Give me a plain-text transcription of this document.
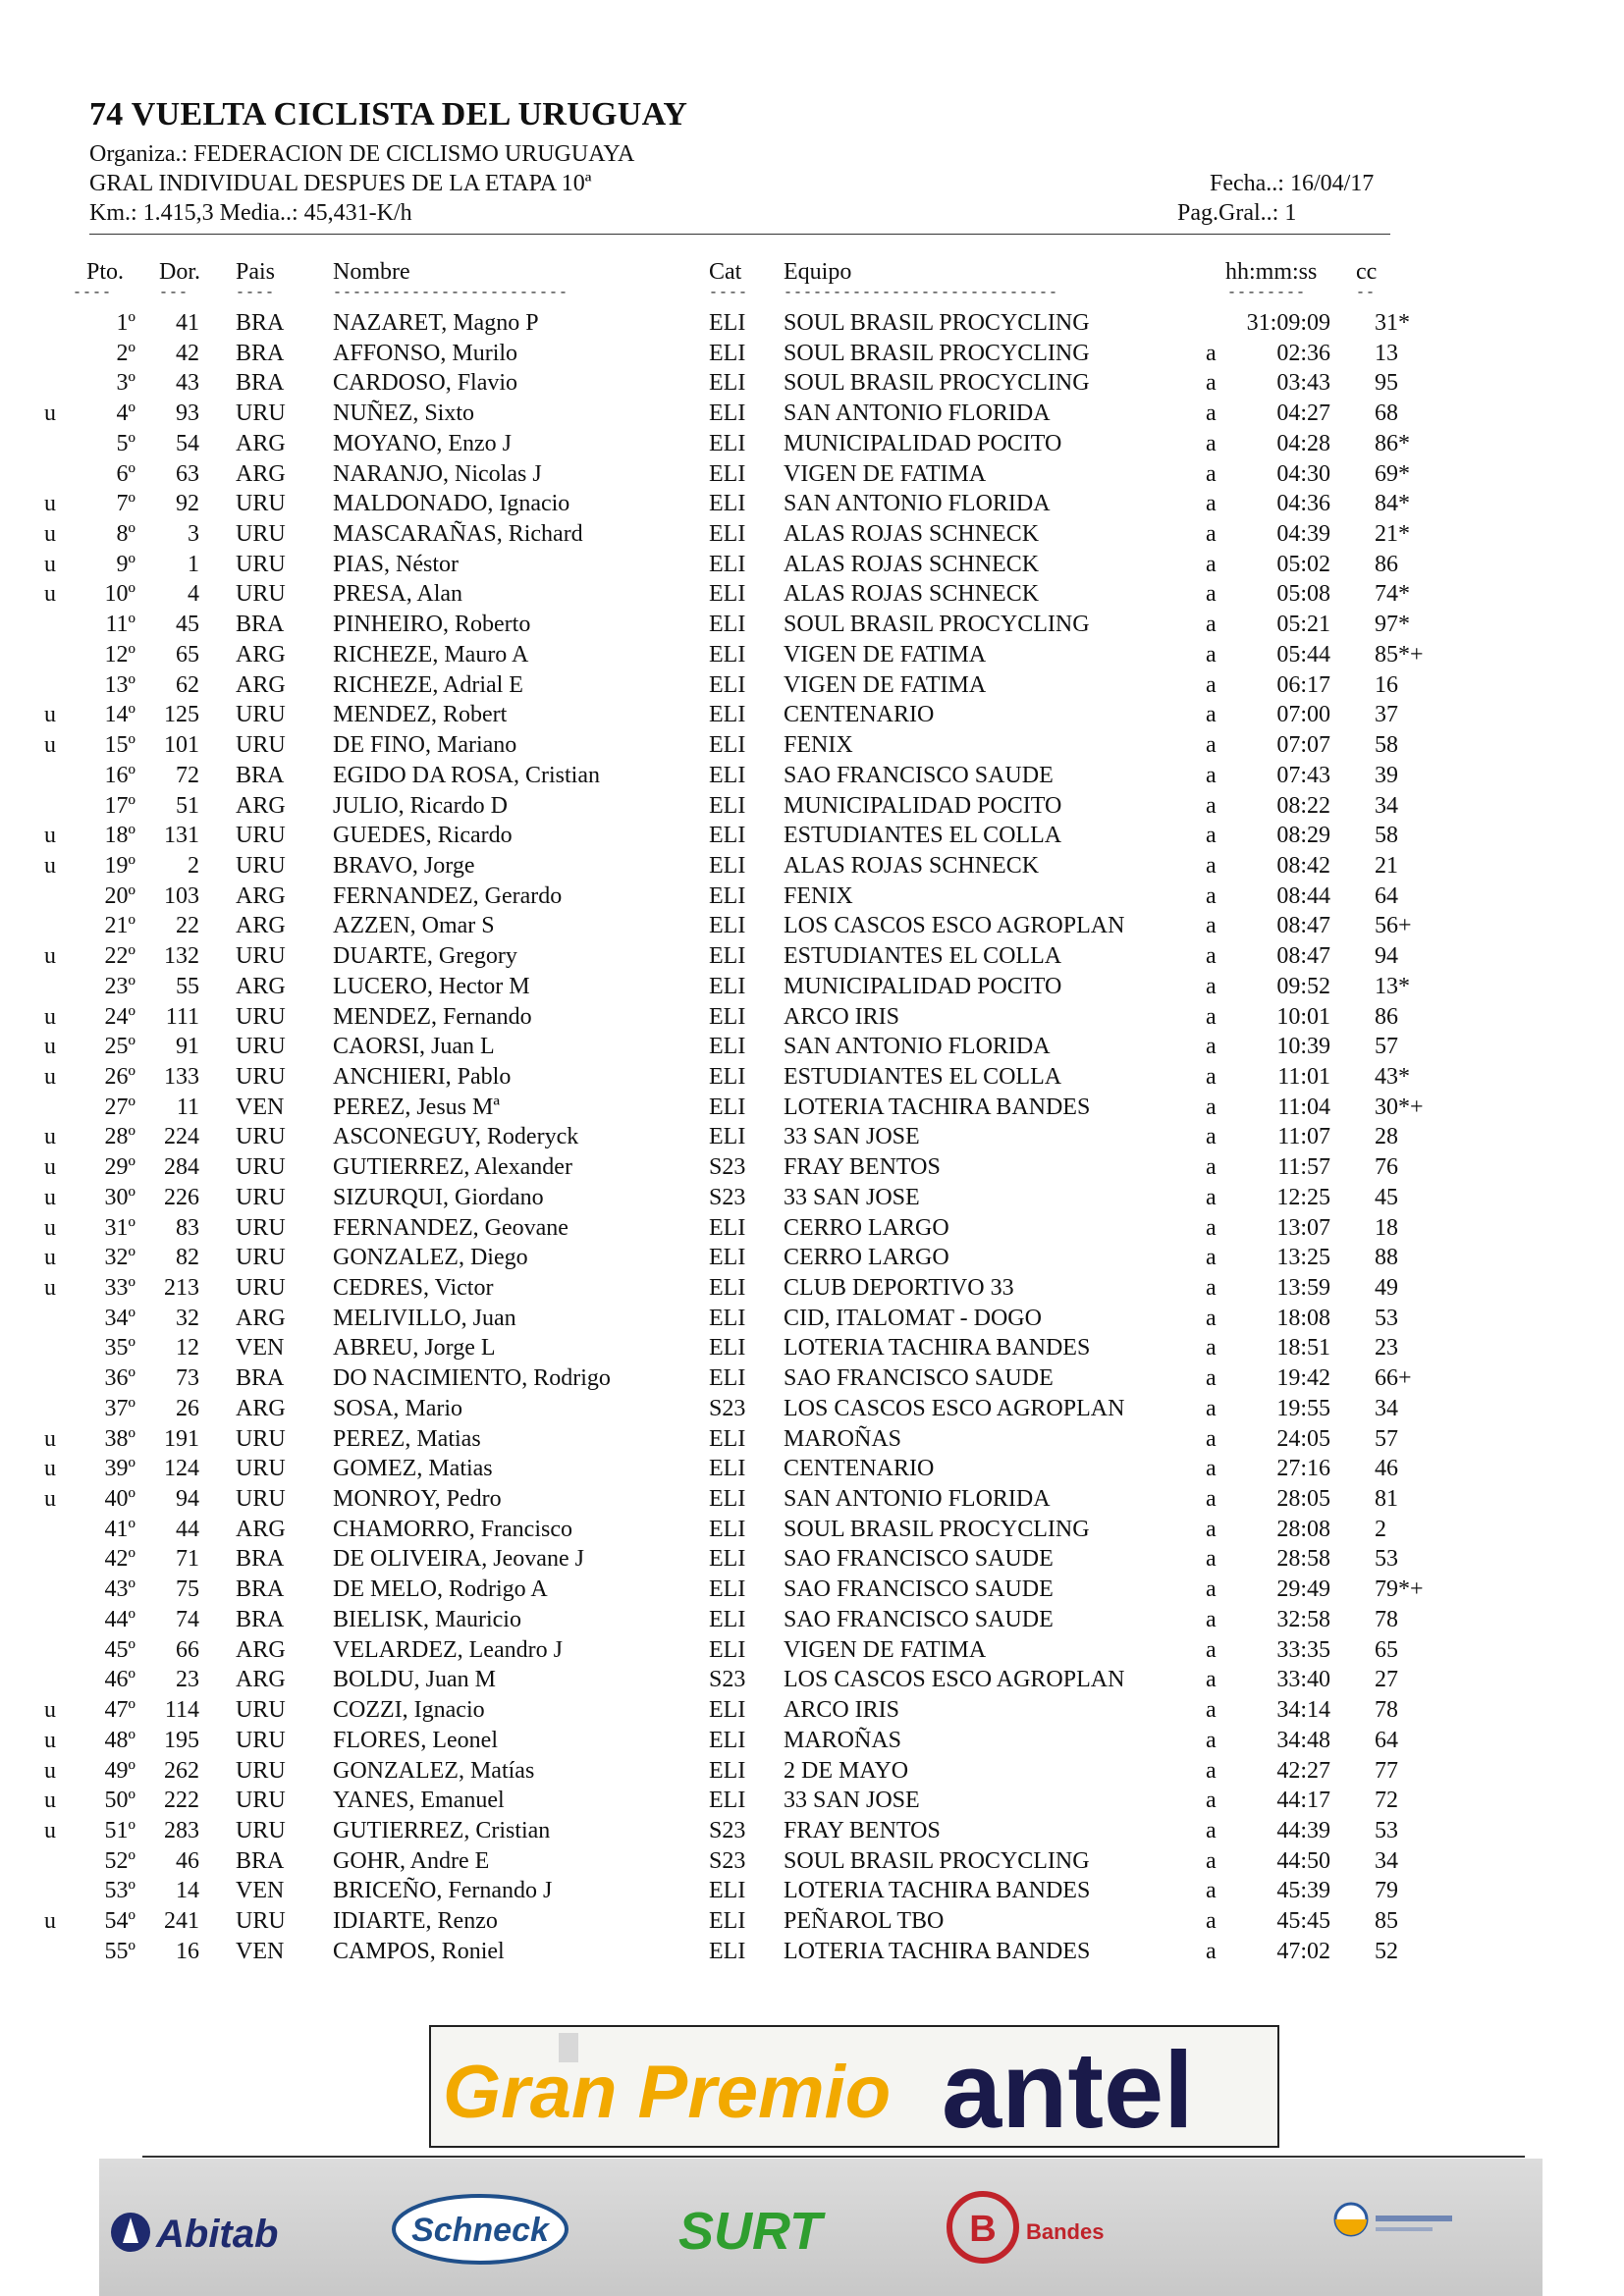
74 VUELTA CICLISTA DEL URUGUAY
Organiza.: FEDERACION DE CICLISMO URUGUAYA
GRAL INDIVIDUAL DESPUES DE LA ETAPA 10ª
Km.: 1.415,3 Media..: 45,431-K/h
Fecha..: 16/04/17
Pag.Gral..: 1
Pto. Dor. Pais Nombre	Cat Equipo	hh:mm:ss cc
----	---	----	------------------------	---- ----------------------------	--------	--
1º 41 BRA NAZARET, Magno P	ELI SOUL BRASIL PROCYCLING	31:09:09 31*
2º 42 BRA AFFONSO, Murilo	ELI SOUL BRASIL PROCYCLING	a	02:36 13
3º 43 BRA CARDOSO, Flavio	ELI SOUL BRASIL PROCYCLING	a	03:43 95
u	4º 93 URU NUÑEZ, Sixto	ELI SAN ANTONIO FLORIDA	a	04:27 68
5º 54 ARG MOYANO, Enzo J	ELI MUNICIPALIDAD POCITO	a	04:28 86*
6º 63 ARG NARANJO, Nicolas J	ELI VIGEN DE FATIMA	a	04:30 69*
u	7º 92 URU MALDONADO, Ignacio	ELI SAN ANTONIO FLORIDA	a	04:36 84*
u	8º 3 URU MASCARAÑAS, Richard	ELI ALAS ROJAS SCHNECK	a	04:39 21*
u	9º 1 URU PIAS, Néstor	ELI ALAS ROJAS SCHNECK	a	05:02 86
u 10º 4 URU PRESA, Alan	ELI ALAS ROJAS SCHNECK	a	05:08 74*
11º 45 BRA PINHEIRO, Roberto	ELI SOUL BRASIL PROCYCLING	a	05:21 97*
12º 65 ARG RICHEZE, Mauro A	ELI VIGEN DE FATIMA	a	05:44 85*+
13º 62 ARG RICHEZE, Adrial E	ELI VIGEN DE FATIMA	a	06:17 16
u 14º 125 URU MENDEZ, Robert	ELI CENTENARIO	a	07:00 37
u 15º 101 URU DE FINO, Mariano	ELI FENIX	a	07:07 58
16º 72 BRA EGIDO DA ROSA, Cristian	ELI SAO FRANCISCO SAUDE	a	07:43 39
17º 51 ARG JULIO, Ricardo D	ELI MUNICIPALIDAD POCITO	a	08:22 34
u 18º 131 URU GUEDES, Ricardo	ELI ESTUDIANTES EL COLLA	a	08:29 58
u 19º 2 URU BRAVO, Jorge	ELI ALAS ROJAS SCHNECK	a	08:42 21
20º 103 ARG FERNANDEZ, Gerardo	ELI FENIX	a	08:44 64
21º 22 ARG AZZEN, Omar S	ELI LOS CASCOS ESCO AGROPLAN	a	08:47 56+
u 22º 132 URU DUARTE, Gregory	ELI ESTUDIANTES EL COLLA	a	08:47 94
23º 55 ARG LUCERO, Hector M	ELI MUNICIPALIDAD POCITO	a	09:52 13*
u 24º 111 URU MENDEZ, Fernando	ELI ARCO IRIS	a	10:01 86
u 25º 91 URU CAORSI, Juan L	ELI SAN ANTONIO FLORIDA	a	10:39 57
u 26º 133 URU ANCHIERI, Pablo	ELI ESTUDIANTES EL COLLA	a	11:01 43*
27º 11 VEN PEREZ, Jesus Mª	ELI LOTERIA TACHIRA BANDES	a	11:04 30*+
u 28º 224 URU ASCONEGUY, Roderyck	ELI 33 SAN JOSE	a	11:07 28
u 29º 284 URU GUTIERREZ, Alexander	S23 FRAY BENTOS	a	11:57 76
u 30º 226 URU SIZURQUI, Giordano	S23 33 SAN JOSE	a	12:25 45
u 31º 83 URU FERNANDEZ, Geovane	ELI CERRO LARGO	a	13:07 18
u 32º 82 URU GONZALEZ, Diego	ELI CERRO LARGO	a	13:25 88
u 33º 213 URU CEDRES, Victor	ELI CLUB DEPORTIVO 33	a	13:59 49
34º 32 ARG MELIVILLO, Juan	ELI CID, ITALOMAT - DOGO	a	18:08 53
35º 12 VEN ABREU, Jorge L	ELI LOTERIA TACHIRA BANDES	a	18:51 23
36º 73 BRA DO NACIMIENTO, Rodrigo	ELI SAO FRANCISCO SAUDE	a	19:42 66+
37º 26 ARG SOSA, Mario	S23 LOS CASCOS ESCO AGROPLAN	a	19:55 34
u 38º 191 URU PEREZ, Matias	ELI MAROÑAS	a	24:05 57
u 39º 124 URU GOMEZ, Matias	ELI CENTENARIO	a	27:16 46
u 40º 94 URU MONROY, Pedro	ELI SAN ANTONIO FLORIDA	a	28:05 81
41º 44 ARG CHAMORRO, Francisco	ELI SOUL BRASIL PROCYCLING	a	28:08 2
42º 71 BRA DE OLIVEIRA, Jeovane J	ELI SAO FRANCISCO SAUDE	a	28:58 53
43º 75 BRA DE MELO, Rodrigo A	ELI SAO FRANCISCO SAUDE	a	29:49 79*+
44º 74 BRA BIELISK, Mauricio	ELI SAO FRANCISCO SAUDE	a	32:58 78
45º 66 ARG VELARDEZ, Leandro J	ELI VIGEN DE FATIMA	a	33:35 65
46º 23 ARG BOLDU, Juan M	S23 LOS CASCOS ESCO AGROPLAN	a	33:40 27
u 47º 114 URU COZZI, Ignacio	ELI ARCO IRIS	a	34:14 78
u 48º 195 URU FLORES, Leonel	ELI MAROÑAS	a	34:48 64
u 49º 262 URU GONZALEZ, Matías	ELI 2 DE MAYO	a	42:27 77
u 50º 222 URU YANES, Emanuel	ELI 33 SAN JOSE	a	44:17 72
u 51º 283 URU GUTIERREZ, Cristian	S23 FRAY BENTOS	a	44:39 53
52º 46 BRA GOHR, Andre E	S23 SOUL BRASIL PROCYCLING	a	44:50 34
53º 14 VEN BRICEÑO, Fernando J	ELI LOTERIA TACHIRA BANDES	a	45:39 79
u 54º 241 URU IDIARTE, Renzo	ELI PEÑAROL TBO	a	45:45 85
55º 16 VEN CAMPOS, Roniel	ELI LOTERIA TACHIRA BANDES	a	47:02 52
Gran Premio antel
Abitab	Schneck SURT	B Bandes
